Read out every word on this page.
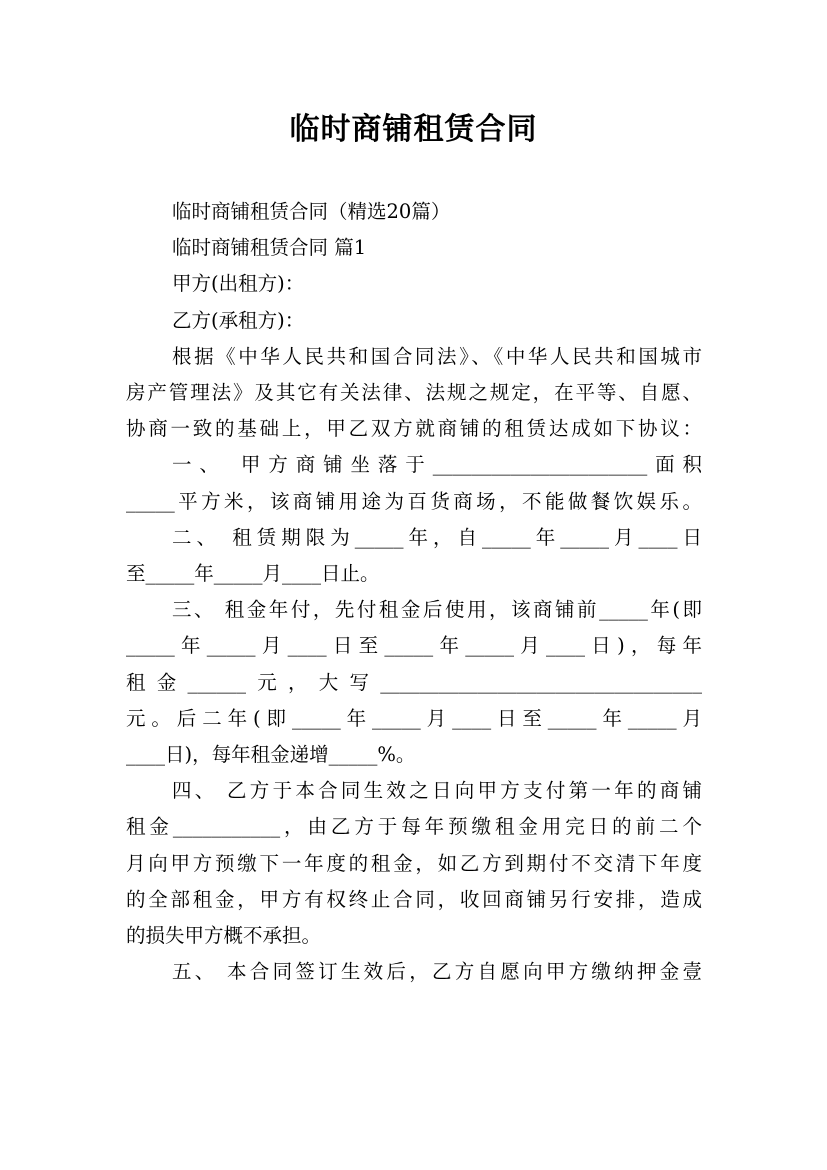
临时商铺租赁合同
临时商铺租赁合同（精选20篇）
临时商铺租赁合同 篇1
甲方(出租方)：
乙方(承租方)：
根据《中华人民共和国合同法》、《中华人民共和国城市
房产管理法》及其它有关法律、法规之规定，在平等、自愿、
协商一致的基础上，甲乙双方就商铺的租赁达成如下协议：
一、 甲方商铺坐落于______________________面积
_____平方米，该商铺用途为百货商场，不能做餐饮娱乐。
二、 租赁期限为_____年，自_____年_____月____日
至_____年_____月____日止。
三、 租金年付，先付租金后使用，该商铺前_____年(即
_____年_____月____日至_____年_____月____日)，每年
租金______元，大写_________________________________
元。后二年(即_____年_____月____日至_____年_____月
____日)，每年租金递增_____%。
四、 乙方于本合同生效之日向甲方支付第一年的商铺
租金___________，由乙方于每年预缴租金用完日的前二个
月向甲方预缴下一年度的租金，如乙方到期付不交清下年度
的全部租金，甲方有权终止合同，收回商铺另行安排，造成
的损失甲方概不承担。
五、 本合同签订生效后，乙方自愿向甲方缴纳押金壹
